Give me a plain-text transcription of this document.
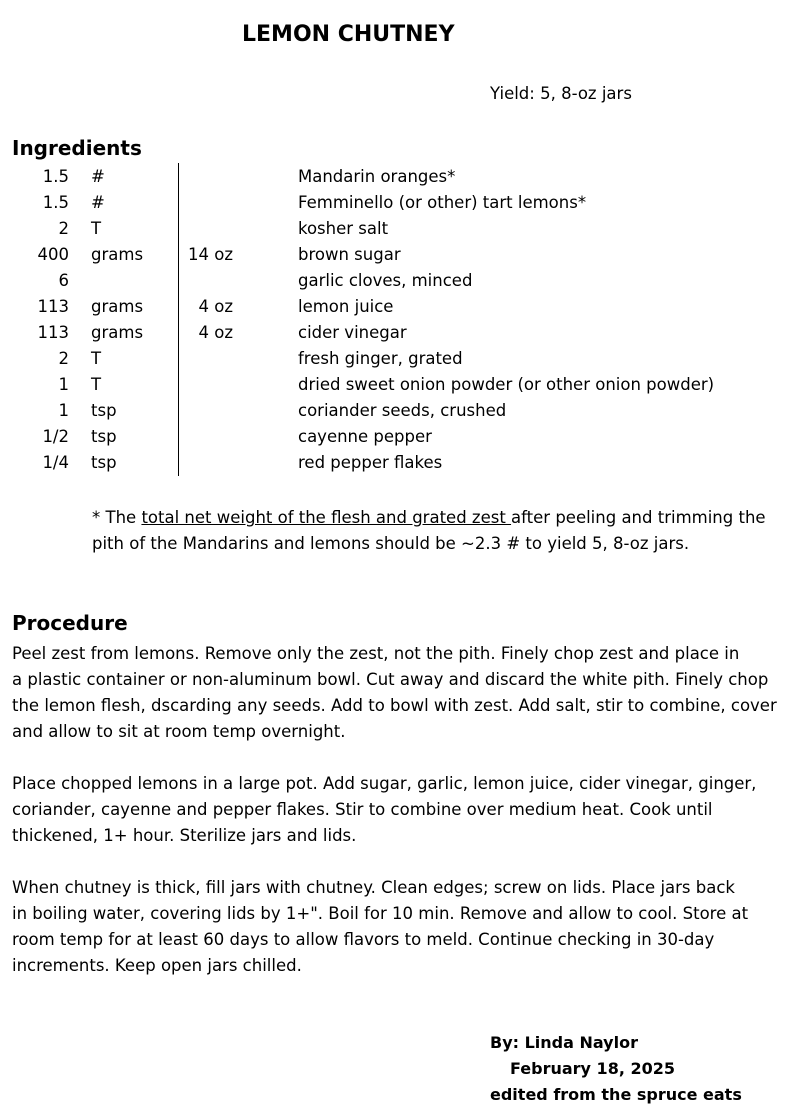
LEMON CHUTNEY
Yield: 5, 8-oz jars
Ingredients
1.5 #	Mandarin oranges*
1.5 #	Femminello (or other) tart lemons*
2 T	kosher salt
400 grams	14 oz	brown sugar
6	garlic cloves, minced
113 grams	4 oz	lemon juice
113 grams	4 oz	cider vinegar
2 T	fresh ginger, grated
1 T	dried sweet onion powder (or other onion powder)
1 tsp	coriander seeds, crushed
1/2 tsp	cayenne pepper
1/4 tsp	red pepper flakes
* The total net weight of the flesh and grated zest after peeling and trimming the
pith of the Mandarins and lemons should be ~2.3 # to yield 5, 8-oz jars.
Procedure
Peel zest from lemons. Remove only the zest, not the pith. Finely chop zest and place in
a plastic container or non-aluminum bowl. Cut away and discard the white pith. Finely chop
the lemon flesh, dscarding any seeds. Add to bowl with zest. Add salt, stir to combine, cover
and allow to sit at room temp overnight.
Place chopped lemons in a large pot. Add sugar, garlic, lemon juice, cider vinegar, ginger,
coriander, cayenne and pepper flakes. Stir to combine over medium heat. Cook until
thickened, 1+ hour. Sterilize jars and lids.
When chutney is thick, fill jars with chutney. Clean edges; screw on lids. Place jars back
in boiling water, covering lids by 1+". Boil for 10 min. Remove and allow to cool. Store at
room temp for at least 60 days to allow flavors to meld. Continue checking in 30-day
increments. Keep open jars chilled.
By: Linda Naylor
February 18, 2025
edited from the spruce eats
